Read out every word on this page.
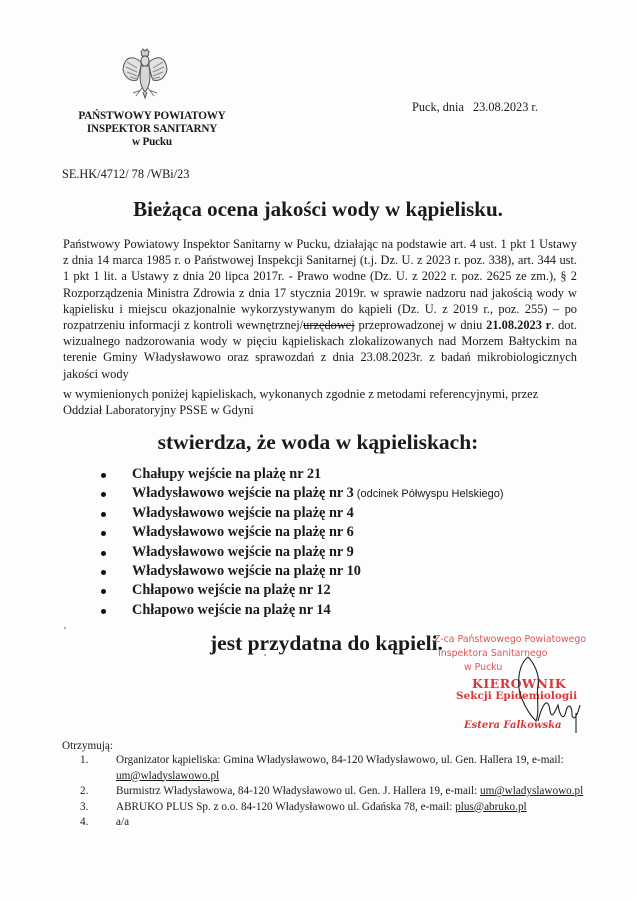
PAŃSTWOWY POWIATOWY
INSPEKTOR SANITARNY
w Pucku
Puck, dnia 23.08.2023 r.
SE.HK/4712/ 78 /WBi/23
Bieżąca ocena jakości wody w kąpielisku.
Państwowy Powiatowy Inspektor Sanitarny w Pucku, działając na podstawie art. 4 ust. 1 pkt 1 Ustawy z dnia 14 marca 1985 r. o Państwowej Inspekcji Sanitarnej (t.j. Dz. U. z 2023 r. poz. 338), art. 344 ust. 1 pkt 1 lit. a Ustawy z dnia 20 lipca 2017r. - Prawo wodne (Dz. U. z 2022 r. poz. 2625 ze zm.), § 2 Rozporządzenia Ministra Zdrowia z dnia 17 stycznia 2019r. w sprawie nadzoru nad jakością wody w kąpielisku i miejscu okazjonalnie wykorzystywanym do kąpieli (Dz. U. z 2019 r., poz. 255) – po rozpatrzeniu informacji z kontroli wewnętrznej/urzędowej przeprowadzonej w dniu 21.08.2023 r. dot. wizualnego nadzorowania wody w pięciu kąpieliskach zlokalizowanych nad Morzem Bałtyckim na terenie Gminy Władysławowo oraz sprawozdań z dnia 23.08.2023r. z badań mikrobiologicznych jakości wody
w wymienionych poniżej kąpieliskach, wykonanych zgodnie z metodami referencyjnymi, przez Oddział Laboratoryjny PSSE w Gdyni
stwierdza, że woda w kąpieliskach:
Chałupy wejście na plażę nr 21
Władysławowo wejście na plażę nr 3 (odcinek Półwyspu Helskiego)
Władysławowo wejście na plażę nr 4
Władysławowo wejście na plażę nr 6
Władysławowo wejście na plażę nr 9
Władysławowo wejście na plażę nr 10
Chłapowo wejście na plażę nr 12
Chłapowo wejście na plażę nr 14
jest przydatna do kąpieli.
Z-ca Państwowego Powiatowego
Inspektora Sanitarnego
w Pucku
KIEROWNIK
Sekcji Epidemiologii
Estera Falkowska
Otrzymują:
1. Organizator kąpieliska: Gmina Władysławowo, 84-120 Władysławowo, ul. Gen. Hallera 19, e-mail: um@wladyslawowo.pl
2. Burmistrz Władysławowa, 84-120 Władysławowo ul. Gen. J. Hallera 19, e-mail: um@wladyslawowo.pl
3. ABRUKO PLUS Sp. z o.o. 84-120 Władysławowo ul. Gdańska 78, e-mail: plus@abruko.pl
4. a/a
